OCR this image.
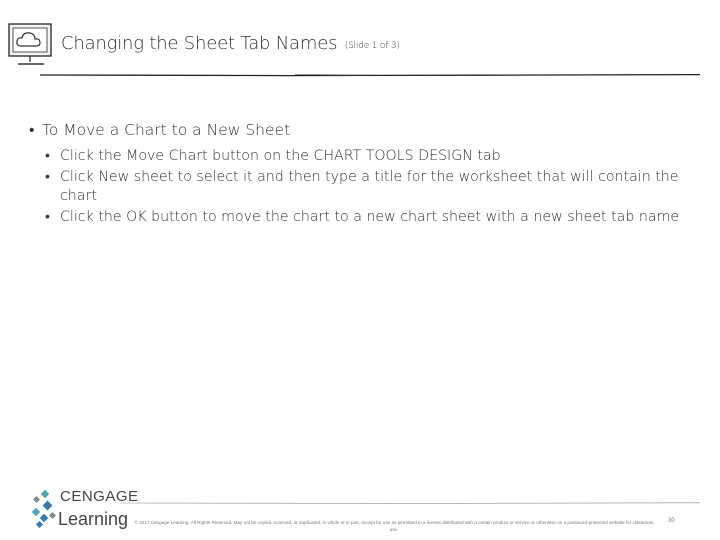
Changing the Sheet Tab Names (Slide 1 of 3)
• To Move a Chart to a New Sheet
• Click the Move Chart button on the CHART TOOLS DESIGN tab
• Click New sheet to select it and then type a title for the worksheet that will contain the chart
• Click the OK button to move the chart to a new chart sheet with a new sheet tab name
CENGAGE
Learning © 2017 Cengage Learning. All Rights Reserved. May not be copied, scanned, or duplicated, in whole or in part, except for use as permitted in a license distributed with a certain product or service or otherwise on a password-protected website for classroom use.
30
